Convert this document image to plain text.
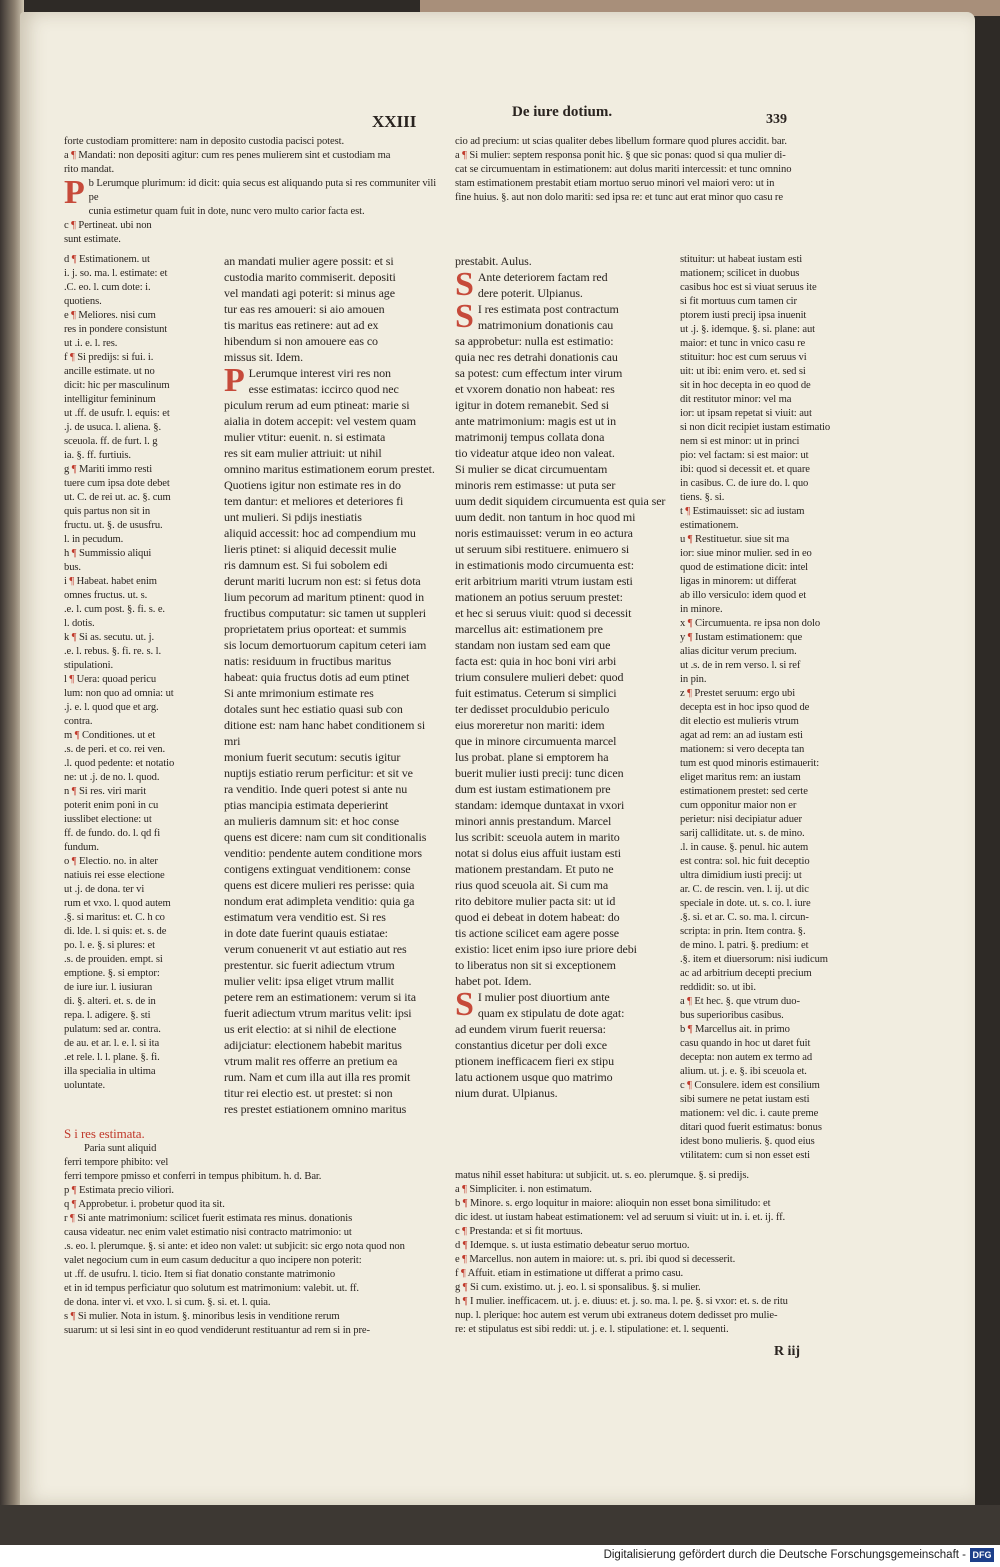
XXIII	De iure dotium.	339
forte custodiam promittere: nam in deposito custodia pacisci potest.
a ¶ Mandati: non depositi agitur: cum res penes mulierem sint et custodiam ma
rito mandat.
P b Lerumque plurimum: id dicit: quia secus est aliquando puta si res communiter vili pe
cunia estimetur quam fuit in dote, nunc vero multo carior facta est.
c ¶ Pertineat. ubi non
sunt estimate.
cio ad precium: ut scias qualiter debes libellum formare quod plures accidit. bar.
a ¶ Si mulier: septem responsa ponit hic. § que sic ponas: quod si qua mulier di-
cat se circumuentam in estimationem: aut dolus mariti intercessit: et tunc omnino
stam estimationem prestabit etiam mortuo seruo minori vel maiori vero: ut in
fine huius. §. aut non dolo mariti: sed ipsa re: et tunc aut erat minor quo casu re
d ¶ Estimationem. ut
i. j. so. ma. l. estimate: et
.C. eo. l. cum dote: i.
quotiens.
e ¶ Meliores. nisi cum
res in pondere consistunt
ut .i. e. l. res.
f ¶ Si predijs: si fui. i.
ancille estimate. ut no
dicit: hic per masculinum
intelligitur femininum
ut .ff. de usufr. l. equis: et
.j. de usuca. l. aliena. §.
sceuola. ff. de furt. l. g
ia. §. ff. furtiuis.
g ¶ Mariti immo resti
tuere cum ipsa dote debet
ut. C. de rei ut. ac. §. cum
quis partus non sit in
fructu. ut. §. de ususfru.
l. in pecudum.
h ¶ Summissio aliqui
bus.
i ¶ Habeat. habet enim
omnes fructus. ut. s.
.e. l. cum post. §. fi. s. e.
l. dotis.
k ¶ Si as. secutu. ut. j.
.e. l. rebus. §. fi. re. s. l.
stipulationi.
l ¶ Uera: quoad pericu
lum: non quo ad omnia: ut
.j. e. l. quod que et arg.
contra.
m ¶ Conditiones. ut et
.s. de peri. et co. rei ven.
.l. quod pedente: et notatio
ne: ut .j. de no. l. quod.
n ¶ Si res. viri marit
poterit enim poni in cu
iusslibet electione: ut
ff. de fundo. do. l. qd fi
fundum.
o ¶ Electio. no. in alter
natiuis rei esse electione
ut .j. de dona. ter vi
rum et vxo. l. quod autem
.§. si maritus: et. C. h co
di. lde. l. si quis: et. s. de
po. l. e. §. si plures: et
.s. de prouiden. empt. si
emptione. §. si emptor:
de iure iur. l. iusiuran
di. §. alteri. et. s. de in
repa. l. adigere. §. sti
pulatum: sed ar. contra.
de au. et ar. l. e. l. si ita
.et rele. l. l. plane. §. fi.
illa specialia in ultima
uoluntate.
an mandati mulier agere possit: et si
custodia marito commiserit. depositi
vel mandati agi poterit: si minus age
tur eas res amoueri: si aio amouen
tis maritus eas retinere: aut ad ex
hibendum si non amouere eas co
missus sit. Idem.
P Lerumque interest viri res non
esse estimatas: iccirco quod nec
piculum rerum ad eum ptineat: marie si
aialia in dotem accepit: vel vestem quam
mulier vtitur: euenit. n. si estimata
res sit eam mulier attriuit: ut nihil
omnino maritus estimationem eorum prestet.
Quotiens igitur non estimate res in do
tem dantur: et meliores et deteriores fi
unt mulieri. Si pdijs inestiatis
aliquid accessit: hoc ad compendium mu
lieris ptinet: si aliquid decessit mulie
ris damnum est. Si fui sobolem edi
derunt mariti lucrum non est: si fetus dota
lium pecorum ad maritum ptinent: quod in
fructibus computatur: sic tamen ut suppleri
proprietatem prius oporteat: et summis
sis locum demortuorum capitum ceteri iam
natis: residuum in fructibus maritus
habeat: quia fructus dotis ad eum ptinet
Si ante mrimonium estimate res
dotales sunt hec estiatio quasi sub con
ditione est: nam hanc habet conditionem si mri
monium fuerit secutum: secutis igitur
nuptijs estiatio rerum perficitur: et sit ve
ra venditio. Inde queri potest si ante nu
ptias mancipia estimata deperierint
an mulieris damnum sit: et hoc conse
quens est dicere: nam cum sit conditionalis
venditio: pendente autem conditione mors
contigens extinguat venditionem: conse
quens est dicere mulieri res perisse: quia
nondum erat adimpleta venditio: quia ga
estimatum vera venditio est. Si res
in dote date fuerint quauis estiatae:
verum conuenerit vt aut estiatio aut res
prestentur. sic fuerit adiectum vtrum
mulier velit: ipsa eliget vtrum mallit
petere rem an estimationem: verum si ita
fuerit adiectum vtrum maritus velit: ipsi
us erit electio: at si nihil de electione
adijciatur: electionem habebit maritus
vtrum malit res offerre an pretium ea
rum. Nam et cum illa aut illa res promit
titur rei electio est. ut prestet: si non
res prestet estiationem omnino maritus
S i res estimata.
Paria sunt aliquid
ferri tempore phibito: vel
ferri tempore pmisso et conferri in tempus phibitum. h. d. Bar.
p ¶ Estimata precio viliori.
q ¶ Approbetur. i. probetur quod ita sit.
r ¶ Si ante matrimonium: scilicet fuerit estimata res minus. donationis
causa videatur. nec enim valet estimatio nisi contracto matrimonio: ut
.s. eo. l. plerumque. §. si ante: et ideo non valet: ut subjicit: sic ergo nota quod non
valet negocium cum in eum casum deducitur a quo incipere non poterit:
ut .ff. de usufru. l. ticio. Item si fiat donatio constante matrimonio
et in id tempus perficiatur quo solutum est matrimonium: valebit. ut. ff.
de dona. inter vi. et vxo. l. si cum. §. si. et. l. quia.
s ¶ Si mulier. Nota in istum. §. minoribus lesis in venditione rerum
suarum: ut si lesi sint in eo quod vendiderunt restituantur ad rem si in pre-
prestabit. Aulus.
S Ante deteriorem factam red
dere poterit. Ulpianus.
S I res estimata post contractum
matrimonium donationis cau
sa approbetur: nulla est estimatio:
quia nec res detrahi donationis cau
sa potest: cum effectum inter virum
et vxorem donatio non habeat: res
igitur in dotem remanebit. Sed si
ante matrimonium: magis est ut in
matrimonij tempus collata dona
tio videatur atque ideo non valeat.
Si mulier se dicat circumuentam
minoris rem estimasse: ut puta ser
uum dedit siquidem circumuenta est quia ser
uum dedit. non tantum in hoc quod mi
noris estimauisset: verum in eo actura
ut seruum sibi restituere. enimuero si
in estimationis modo circumuenta est:
erit arbitrium mariti vtrum iustam esti
mationem an potius seruum prestet:
et hec si seruus viuit: quod si decessit
marcellus ait: estimationem pre
standam non iustam sed eam que
facta est: quia in hoc boni viri arbi
trium consulere mulieri debet: quod
fuit estimatus. Ceterum si simplici
ter dedisset proculdubio periculo
eius moreretur non mariti: idem
que in minore circumuenta marcel
lus probat. plane si emptorem ha
buerit mulier iusti precij: tunc dicen
dum est iustam estimationem pre
standam: idemque duntaxat in vxori
minori annis prestandum. Marcel
lus scribit: sceuola autem in marito
notat si dolus eius affuit iustam esti
mationem prestandam. Et puto ne
rius quod sceuola ait. Si cum ma
rito debitore mulier pacta sit: ut id
quod ei debeat in dotem habeat: do
tis actione scilicet eam agere posse
existio: licet enim ipso iure priore debi
to liberatus non sit si exceptionem
habet pot. Idem.
S I mulier post diuortium ante
quam ex stipulatu de dote agat:
ad eundem virum fuerit reuersa:
constantius dicetur per doli exce
ptionem inefficacem fieri ex stipu
latu actionem usque quo matrimo
nium durat. Ulpianus.
stituitur: ut habeat iustam esti
mationem; scilicet in duobus
casibus hoc est si viuat seruus ite
si fit mortuus cum tamen cir
ptorem iusti precij ipsa inuenit
ut .j. §. idemque. §. si. plane: aut
maior: et tunc in vnico casu re
stituitur: hoc est cum seruus vi
uit: ut ibi: enim vero. et. sed si
sit in hoc decepta in eo quod de
dit restitutor minor: vel ma
ior: ut ipsam repetat si viuit: aut
si non dicit recipiet iustam estimatio
nem si est minor: ut in princi
pio: vel factam: si est maior: ut
ibi: quod si decessit et. et quare
in casibus. C. de iure do. l. quo
tiens. §. si.
t ¶ Estimauisset: sic ad iustam
estimationem.
u ¶ Restituetur. siue sit ma
ior: siue minor mulier. sed in eo
quod de estimatione dicit: intel
ligas in minorem: ut differat
ab illo versiculo: idem quod et
in minore.
x ¶ Circumuenta. re ipsa non dolo
y ¶ Iustam estimationem: que
alias dicitur verum precium.
ut .s. de in rem verso. l. si ref
in pin.
z ¶ Prestet seruum: ergo ubi
decepta est in hoc ipso quod de
dit electio est mulieris vtrum
agat ad rem: an ad iustam esti
mationem: si vero decepta tan
tum est quod minoris estimauerit:
eliget maritus rem: an iustam
estimationem prestet: sed certe
cum opponitur maior non er
perietur: nisi decipiatur aduer
sarij calliditate. ut. s. de mino.
.l. in cause. §. penul. hic autem
est contra: sol. hic fuit deceptio
ultra dimidium iusti precij: ut
ar. C. de rescin. ven. l. ij. ut dic
speciale in dote. ut. s. co. l. iure
.§. si. et ar. C. so. ma. l. circun-
scripta: in prin. Item contra. §.
de mino. l. patri. §. predium: et
.§. item et diuersorum: nisi iudicum
ac ad arbitrium decepti precium
reddidit: so. ut ibi.
a ¶ Et hec. §. que vtrum duo-
bus superioribus casibus.
b ¶ Marcellus ait. in primo
casu quando in hoc ut daret fuit
decepta: non autem ex termo ad
alium. ut. j. e. §. ibi sceuola et.
c ¶ Consulere. idem est consilium
sibi sumere ne petat iustam esti
mationem: vel dic. i. caute preme
ditari quod fuerit estimatus: bonus
idest bono mulieris. §. quod eius
vtilitatem: cum si non esset esti
matus nihil esset habitura: ut subjicit. ut. s. eo. plerumque. §. si predijs.
a ¶ Simpliciter. i. non estimatum.
b ¶ Minore. s. ergo loquitur in maiore: alioquin non esset bona similitudo: et
dic idest. ut iustam habeat estimationem: vel ad seruum si viuit: ut in. i. et. ij. ff.
c ¶ Prestanda: et si fit mortuus.
d ¶ Idemque. s. ut iusta estimatio debeatur seruo mortuo.
e ¶ Marcellus. non autem in maiore: ut. s. pri. ibi quod si decesserit.
f ¶ Affuit. etiam in estimatione ut differat a primo casu.
g ¶ Si cum. existimo. ut. j. eo. l. si sponsalibus. §. si mulier.
h ¶ I mulier. inefficacem. ut. j. e. diuus: et. j. so. ma. l. pe. §. si vxor: et. s. de ritu
nup. l. plerique: hoc autem est verum ubi extraneus dotem dedisset pro mulie-
re: et stipulatus est sibi reddi: ut. j. e. l. stipulatione: et. l. sequenti.
R iij
Digitalisierung gefördert durch die Deutsche Forschungsgemeinschaft - DFG
